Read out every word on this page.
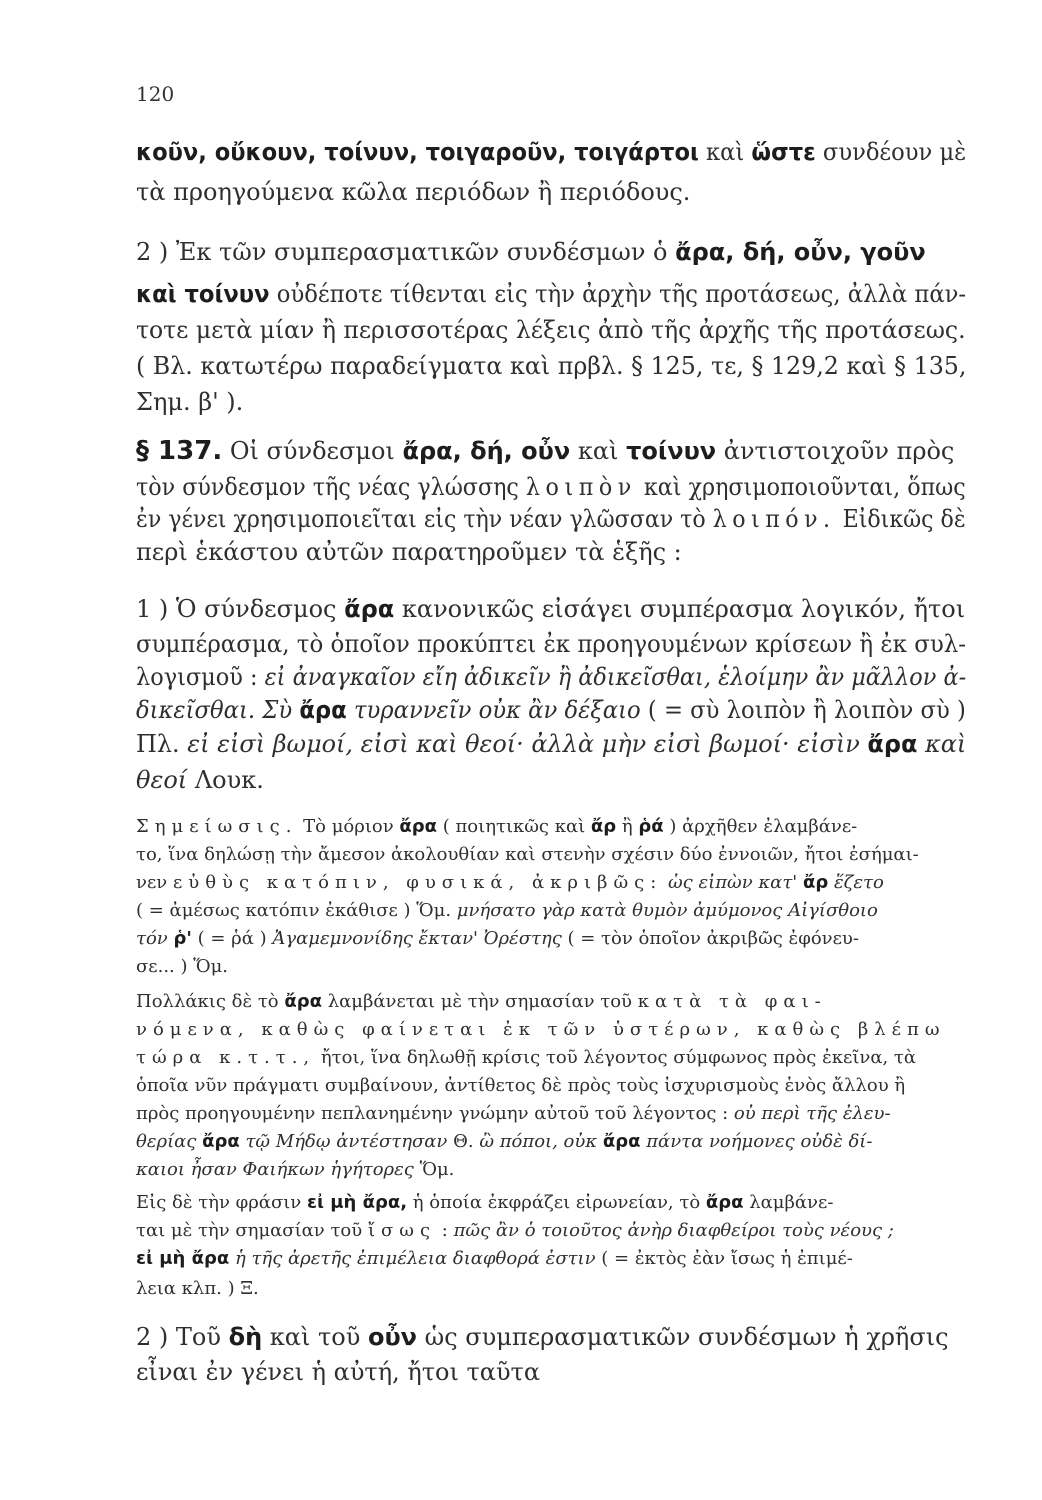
120
κοῦν, οὔκουν, τοίνυν, τοιγαροῦν, τοιγάρτοι καὶ ὥστε συνδέουν μὲ
τὰ προηγούμενα κῶλα περιόδων ἢ περιόδους.
2 ) Ἐκ τῶν συμπερασματικῶν συνδέσμων ὁ ἄρα, δή, οὖν, γοῦν
καὶ τοίνυν οὐδέποτε τίθενται εἰς τὴν ἀρχὴν τῆς προτάσεως, ἀλλὰ πάν-
τοτε μετὰ μίαν ἢ περισσοτέρας λέξεις ἀπὸ τῆς ἀρχῆς τῆς προτάσεως.
( Βλ. κατωτέρω παραδείγματα καὶ πρβλ. § 125, τε, § 129,2 καὶ § 135,
Σημ. β' ).
§ 137. Οἱ σύνδεσμοι ἄρα, δή, οὖν καὶ τοίνυν ἀντιστοιχοῦν πρὸς
τὸν σύνδεσμον τῆς νέας γλώσσης λοιπὸν καὶ χρησιμοποιοῦνται, ὅπως
ἐν γένει χρησιμοποιεῖται εἰς τὴν νέαν γλῶσσαν τὸ λοιπόν. Εἰδικῶς δὲ
περὶ ἑκάστου αὐτῶν παρατηροῦμεν τὰ ἑξῆς :
1 ) Ὁ σύνδεσμος ἄρα κανονικῶς εἰσάγει συμπέρασμα λογικόν, ἤτοι
συμπέρασμα, τὸ ὁποῖον προκύπτει ἐκ προηγουμένων κρίσεων ἢ ἐκ συλ-
λογισμοῦ : εἰ ἀναγκαῖον εἴη ἀδικεῖν ἢ ἀδικεῖσθαι, ἑλοίμην ἂν μᾶλλον ἀ-
δικεῖσθαι. Σὺ ἄρα τυραννεῖν οὐκ ἂν δέξαιο ( = σὺ λοιπὸν ἢ λοιπὸν σὺ )
Πλ. εἰ εἰσὶ βωμοί, εἰσὶ καὶ θεοί· ἀλλὰ μὴν εἰσὶ βωμοί· εἰσὶν ἄρα καὶ
θεοί Λουκ.
Σημείωσις. Τὸ μόριον ἄρα ( ποιητικῶς καὶ ἄρ ἢ ῥά ) ἀρχῆθεν ἐλαμβάνε-
το, ἵνα δηλώσῃ τὴν ἄμεσον ἀκολουθίαν καὶ στενὴν σχέσιν δύο ἐννοιῶν, ἤτοι ἐσήμαι-
νεν εὐθὺς κατόπιν, φυσικά, ἀκριβῶς: ὡς εἰπὼν κατ' ἄρ ἕζετο
( = ἀμέσως κατόπιν ἐκάθισε ) Ὅμ. μνήσατο γὰρ κατὰ θυμὸν ἀμύμονος Αἰγίσθοιο
τόν ῥ' ( = ῥά ) Ἀγαμεμνονίδης ἔκταν' Ὀρέστης ( = τὸν ὁποῖον ἀκριβῶς ἐφόνευ-
σε... ) Ὅμ.
Πολλάκις δὲ τὸ ἄρα λαμβάνεται μὲ τὴν σημασίαν τοῦ κατὰ τὰ φαι-
νόμενα, καθὼς φαίνεται ἐκ τῶν ὑστέρων, καθὼς βλέπω
τώρα κ.τ.τ., ἤτοι, ἵνα δηλωθῇ κρίσις τοῦ λέγοντος σύμφωνος πρὸς ἐκεῖνα, τὰ
ὁποῖα νῦν πράγματι συμβαίνουν, ἀντίθετος δὲ πρὸς τοὺς ἰσχυρισμοὺς ἑνὸς ἄλλου ἢ
πρὸς προηγουμένην πεπλανημένην γνώμην αὐτοῦ τοῦ λέγοντος : οὐ περὶ τῆς ἐλευ-
θερίας ἄρα τῷ Μήδῳ ἀντέστησαν Θ. ὢ πόποι, οὐκ ἄρα πάντα νοήμονες οὐδὲ δί-
καιοι ἦσαν Φαιήκων ἡγήτορες Ὅμ.
Εἰς δὲ τὴν φράσιν εἰ μὴ ἄρα, ἡ ὁποία ἐκφράζει εἰρωνείαν, τὸ ἄρα λαμβάνε-
ται μὲ τὴν σημασίαν τοῦ ἴσως : πῶς ἂν ὁ τοιοῦτος ἀνὴρ διαφθείροι τοὺς νέους ;
εἰ μὴ ἄρα ἡ τῆς ἀρετῆς ἐπιμέλεια διαφθορά ἐστιν ( = ἐκτὸς ἐὰν ἴσως ἡ ἐπιμέ-
λεια κλπ. ) Ξ.
2 ) Τοῦ δὴ καὶ τοῦ οὖν ὡς συμπερασματικῶν συνδέσμων ἡ χρῆσις
εἶναι ἐν γένει ἡ αὐτή, ἤτοι ταῦτα
